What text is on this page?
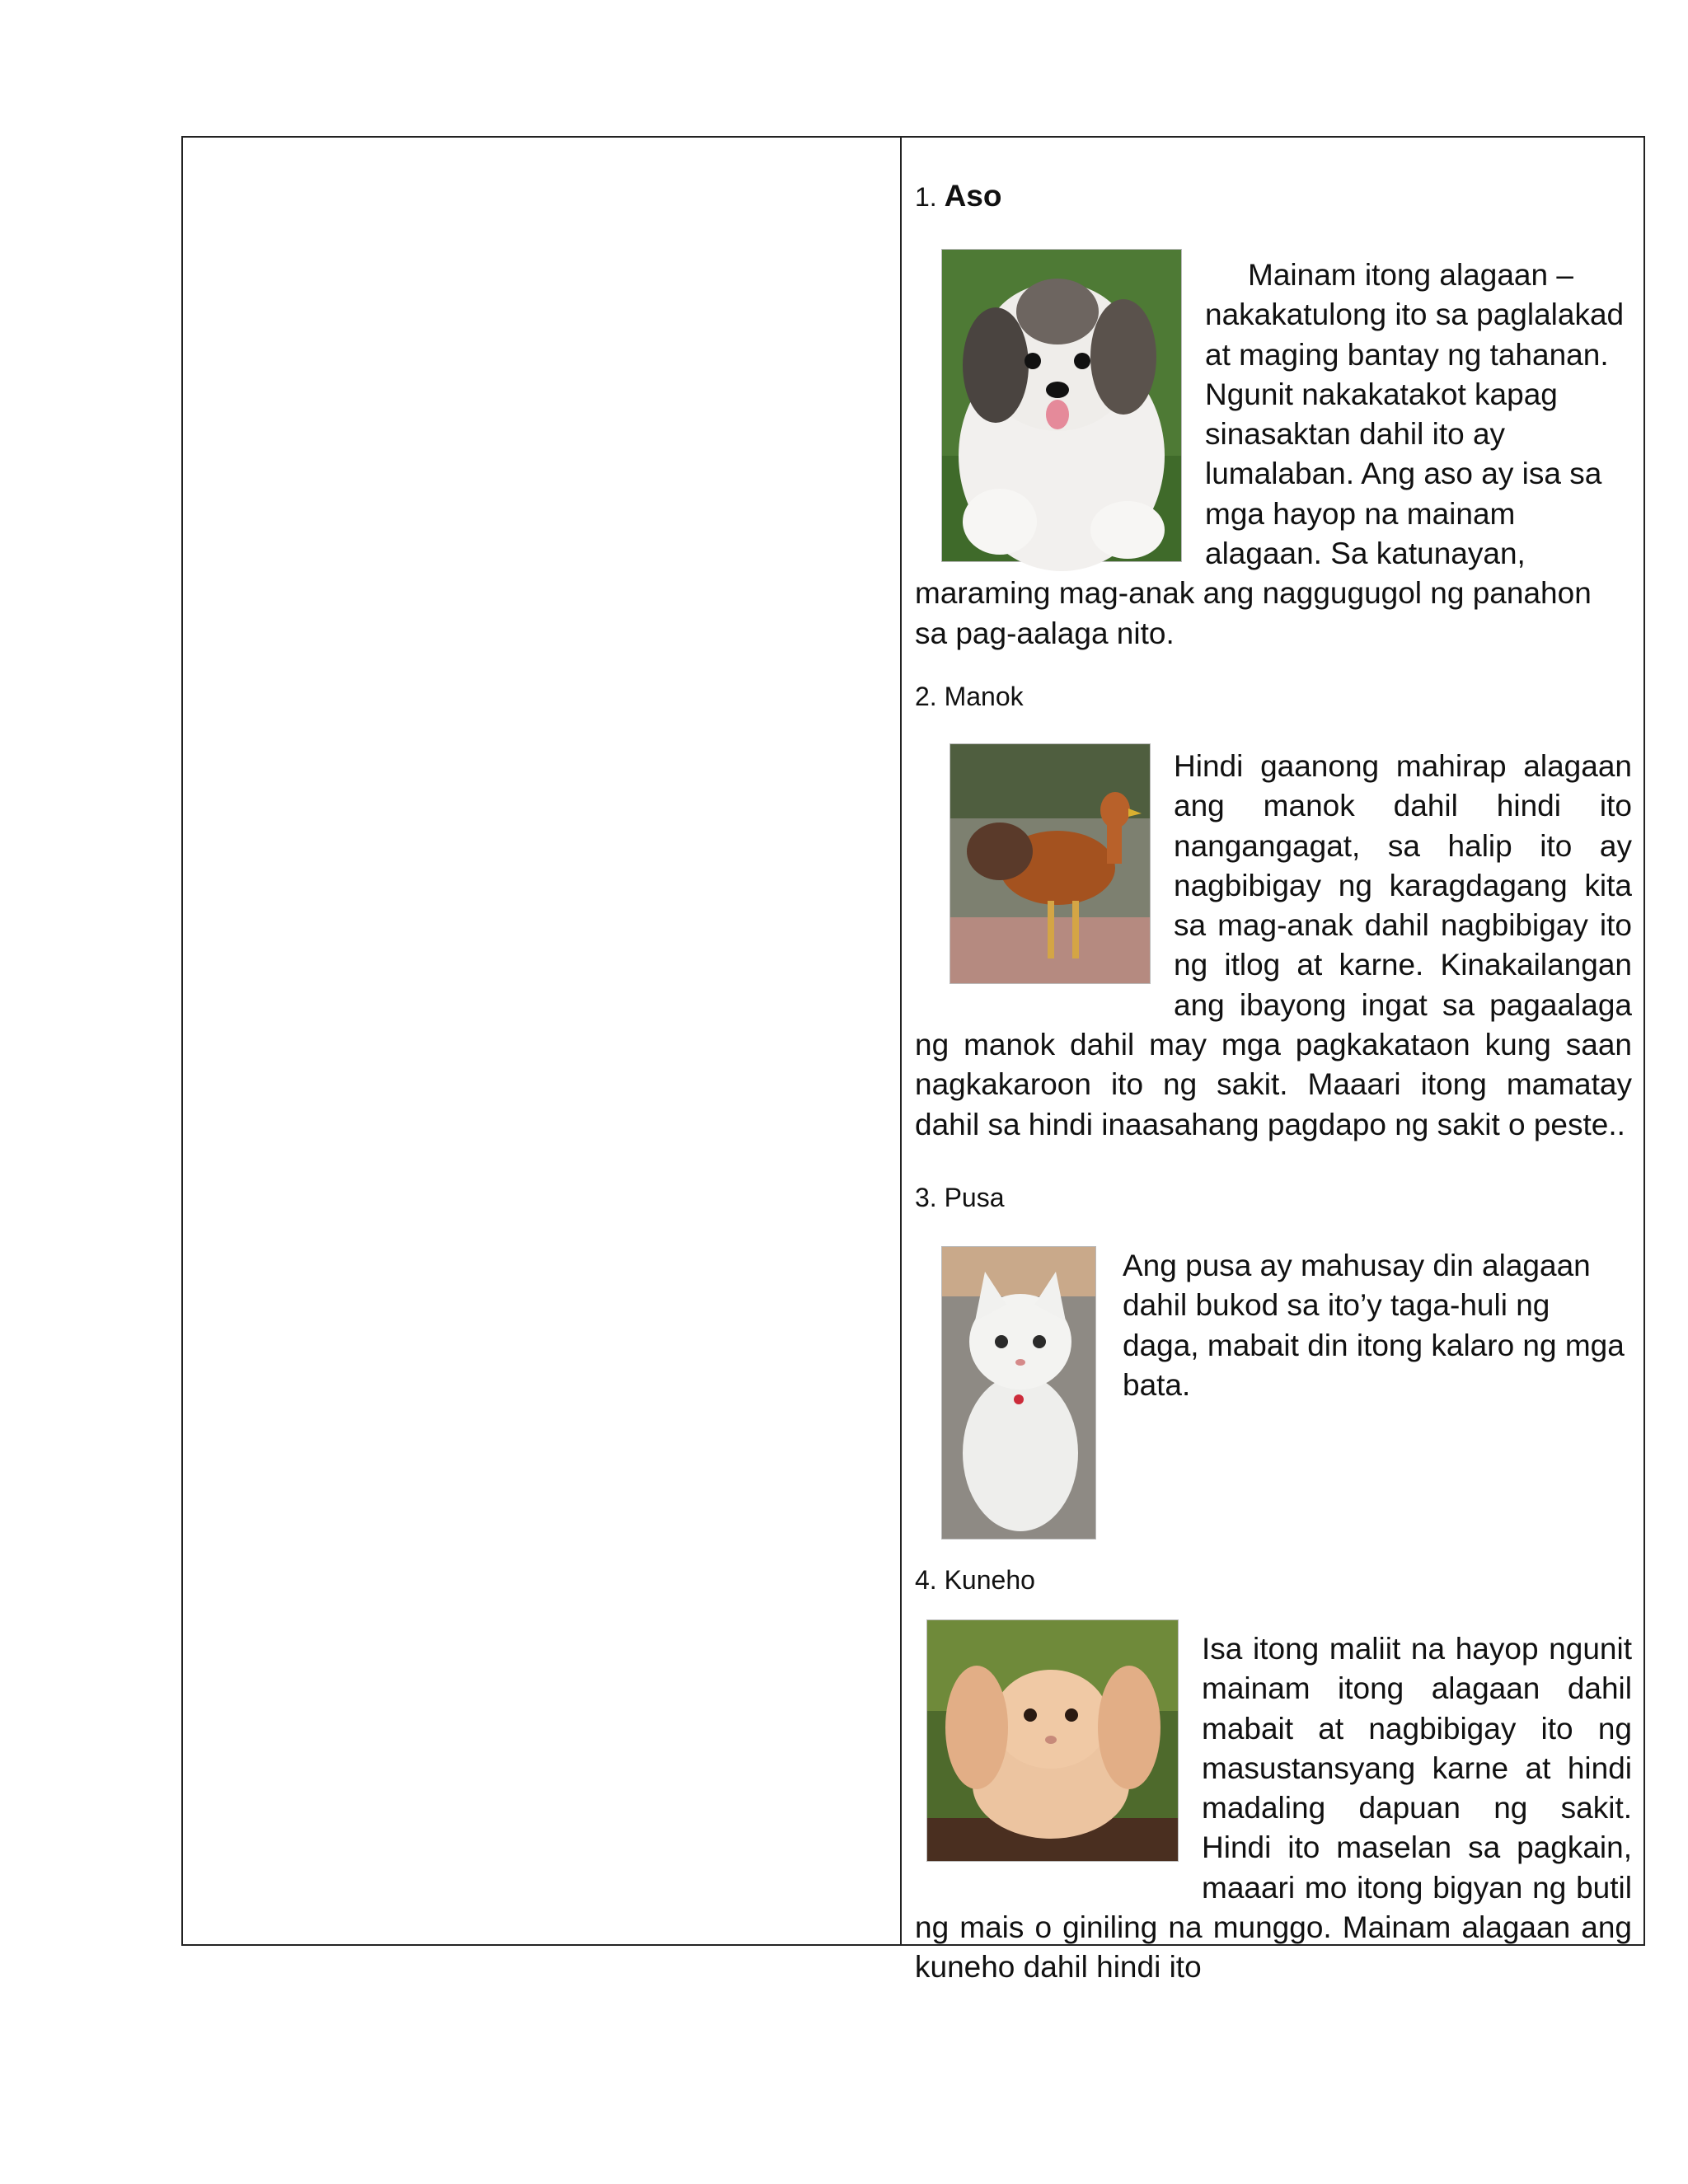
1. Aso

Mainam itong alagaan – nakakatulong ito sa paglalakad at maging bantay ng tahanan. Ngunit nakakatakot kapag sinasaktan dahil ito ay lumalaban. Ang aso ay isa sa mga hayop na mainam alagaan. Sa katunayan, maraming mag-anak ang naggugugol ng panahon sa pag-aalaga nito.

2. Manok

Hindi gaanong mahirap alagaan ang manok dahil hindi ito nangangagat, sa halip ito ay nagbibigay ng karagdagang kita sa mag-anak dahil nagbibigay ito ng itlog at karne. Kinakailangan ang ibayong ingat sa pagaalaga ng manok dahil may mga pagkakataon kung saan nagkakaroon ito ng sakit. Maaari itong mamatay dahil sa hindi inaasahang pagdapo ng sakit o peste..

3. Pusa

Ang pusa ay mahusay din alagaan dahil bukod sa ito’y taga-huli ng daga, mabait din itong kalaro ng mga bata.

4. Kuneho

Isa itong maliit na hayop ngunit mainam itong alagaan dahil mabait at nagbibigay ito ng masustansyang karne at hindi madaling dapuan ng sakit. Hindi ito maselan sa pagkain, maaari mo itong bigyan ng butil ng mais o giniling na munggo. Mainam alagaan ang kuneho dahil hindi ito
